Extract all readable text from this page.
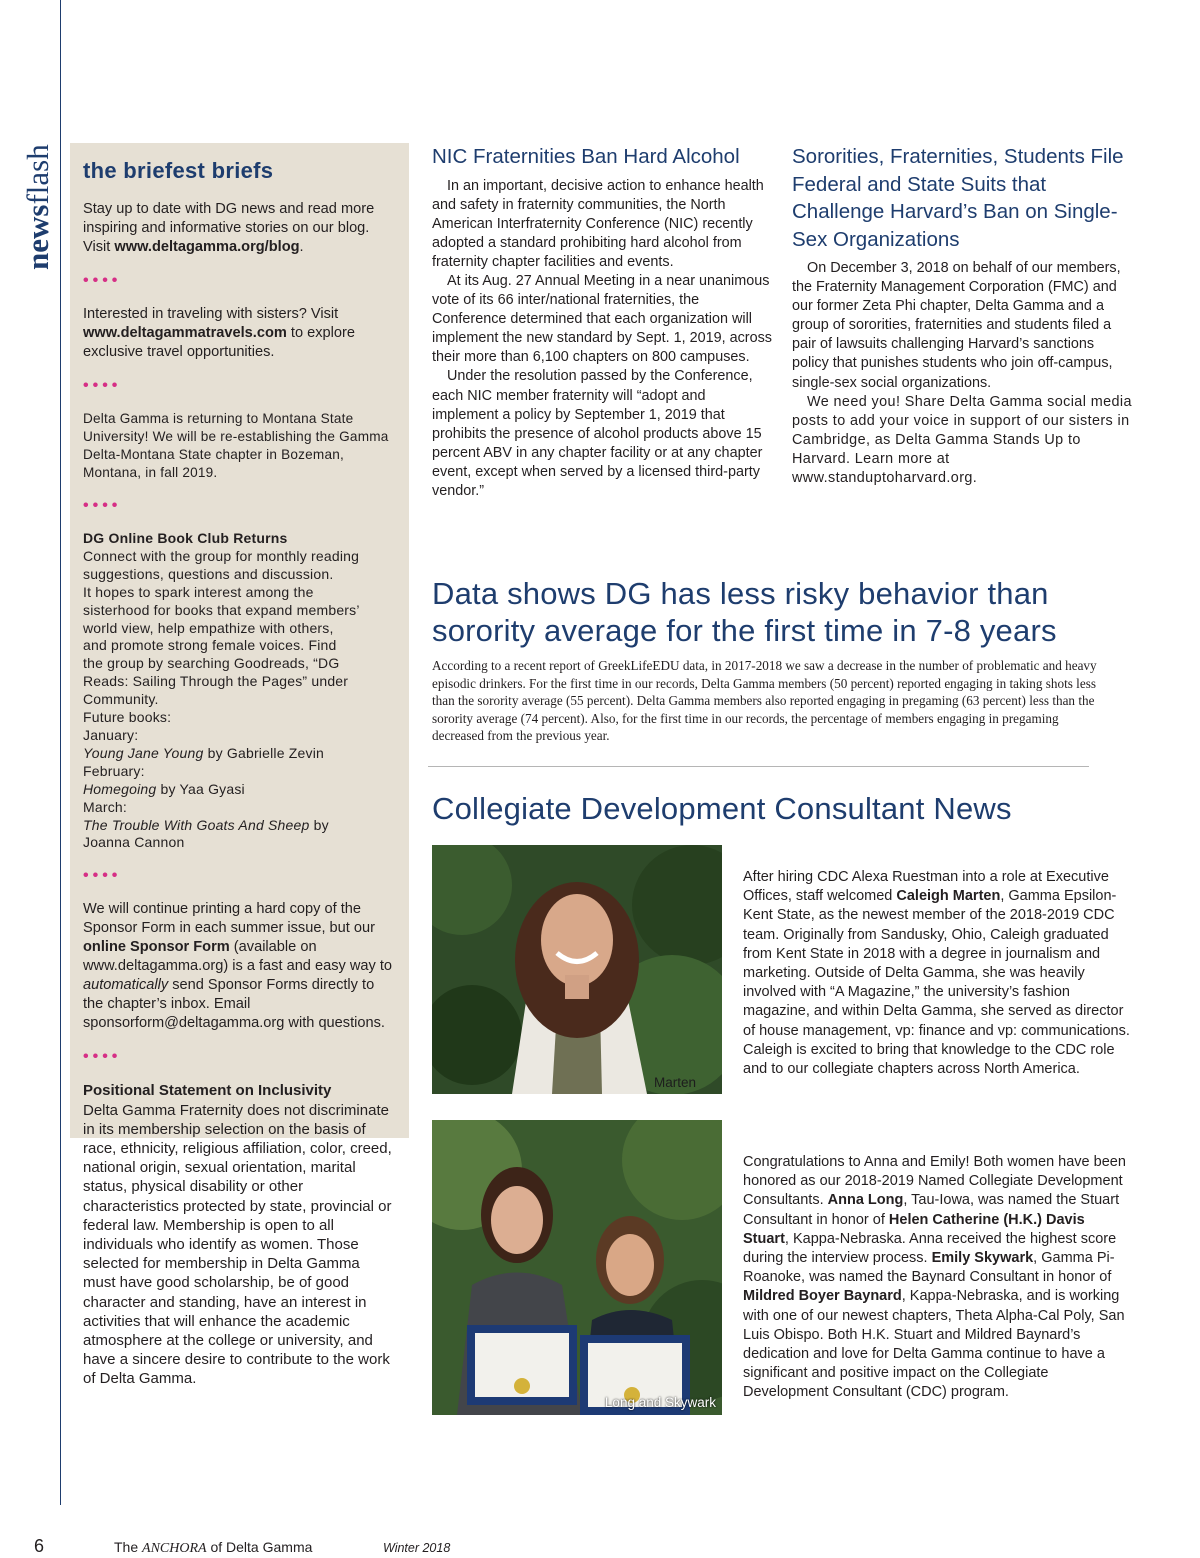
newsflash the briefest briefs

Stay up to date with DG news and read more inspiring and informative stories on our blog. Visit www.deltagamma.org/blog.

••••

Interested in traveling with sisters? Visit www.deltagammatravels.com to explore exclusive travel opportunities.

••••

Delta Gamma is returning to Montana State University! We will be re-establishing the Gamma Delta-Montana State chapter in Bozeman, Montana, in fall 2019.

••••
DG Online Book Club Returns
Connect with the group for monthly reading
suggestions, questions and discussion.
It hopes to spark interest among the
sisterhood for books that expand members’
world view, help empathize with others,
and promote strong female voices. Find
the group by searching Goodreads, “DG
Reads: Sailing Through the Pages” under
Community.
Future books:
January:
Young Jane Young by Gabrielle Zevin
February:
Homegoing by Yaa Gyasi
March:
The Trouble With Goats And Sheep by
Joanna Cannon
••••

We will continue printing a hard copy of the Sponsor Form in each summer issue, but our online Sponsor Form (available on www.deltagamma.org) is a fast and easy way to automatically send Sponsor Forms directly to the chapter’s inbox. Email sponsorform@deltagamma.org with questions.

••••
Positional Statement on Inclusivity
Delta Gamma Fraternity does not discriminate in its membership selection on the basis of race, ethnicity, religious affiliation, color, creed, national origin, sexual orientation, marital status, physical disability or other characteristics protected by state, provincial or federal law. Membership is open to all individuals who identify as women. Those selected for membership in Delta Gamma must have good scholarship, be of good character and standing, have an interest in activities that will enhance the academic atmosphere at the college or university, and have a sincere desire to contribute to the work of Delta Gamma.
NIC Fraternities Ban Hard Alcohol

In an important, decisive action to enhance health and safety in fraternity communities, the North American Interfraternity Conference (NIC) recently adopted a standard prohibiting hard alcohol from fraternity chapter facilities and events.

At its Aug. 27 Annual Meeting in a near unanimous vote of its 66 inter/national fraternities, the Conference determined that each organization will implement the new standard by Sept. 1, 2019, across their more than 6,100 chapters on 800 campuses.

Under the resolution passed by the Conference, each NIC member fraternity will “adopt and implement a policy by September 1, 2019 that prohibits the presence of alcohol products above 15 percent ABV in any chapter facility or at any chapter event, except when served by a licensed third-party vendor.”

Sororities, Fraternities, Students File Federal and State Suits that Challenge Harvard’s Ban on Single-Sex Organizations

On December 3, 2018 on behalf of our members, the Fraternity Management Corporation (FMC) and our former Zeta Phi chapter, Delta Gamma and a group of sororities, fraternities and students filed a pair of lawsuits challenging Harvard’s sanctions policy that punishes students who join off-campus, single-sex social organizations.

We need you! Share Delta Gamma social media posts to add your voice in support of our sisters in Cambridge, as Delta Gamma Stands Up to Harvard. Learn more at www.standuptoharvard.org.

Data shows DG has less risky behavior than sorority average for the first time in 7-8 years

According to a recent report of GreekLifeEDU data, in 2017-2018 we saw a decrease in the number of problematic and heavy episodic drinkers. For the first time in our records, Delta Gamma members (50 percent) reported engaging in taking shots less than the sorority average (55 percent). Delta Gamma members also reported engaging in pregaming (63 percent) less than the sorority average (74 percent). Also, for the first time in our records, the percentage of members engaging in pregaming decreased from the previous year.

Collegiate Development Consultant News
Marten
After hiring CDC Alexa Ruestman into a role at Executive Offices, staff welcomed Caleigh Marten, Gamma Epsilon-Kent State, as the newest member of the 2018-2019 CDC team. Originally from Sandusky, Ohio, Caleigh graduated from Kent State in 2018 with a degree in journalism and marketing. Outside of Delta Gamma, she was heavily involved with “A Magazine,” the university’s fashion magazine, and within Delta Gamma, she served as director of house management, vp: finance and vp: communications. Caleigh is excited to bring that knowledge to the CDC role and to our collegiate chapters across North America.
Long and Skywark
Congratulations to Anna and Emily! Both women have been honored as our 2018-2019 Named Collegiate Development Consultants. Anna Long, Tau-Iowa, was named the Stuart Consultant in honor of Helen Catherine (H.K.) Davis Stuart, Kappa-Nebraska. Anna received the highest score during the interview process. Emily Skywark, Gamma Pi-Roanoke, was named the Baynard Consultant in honor of Mildred Boyer Baynard, Kappa-Nebraska, and is working with one of our newest chapters, Theta Alpha-Cal Poly, San Luis Obispo. Both H.K. Stuart and Mildred Baynard’s dedication and love for Delta Gamma continue to have a significant and positive impact on the Collegiate Development Consultant (CDC) program.
6	The ANCHORA of Delta Gamma	Winter 2018
